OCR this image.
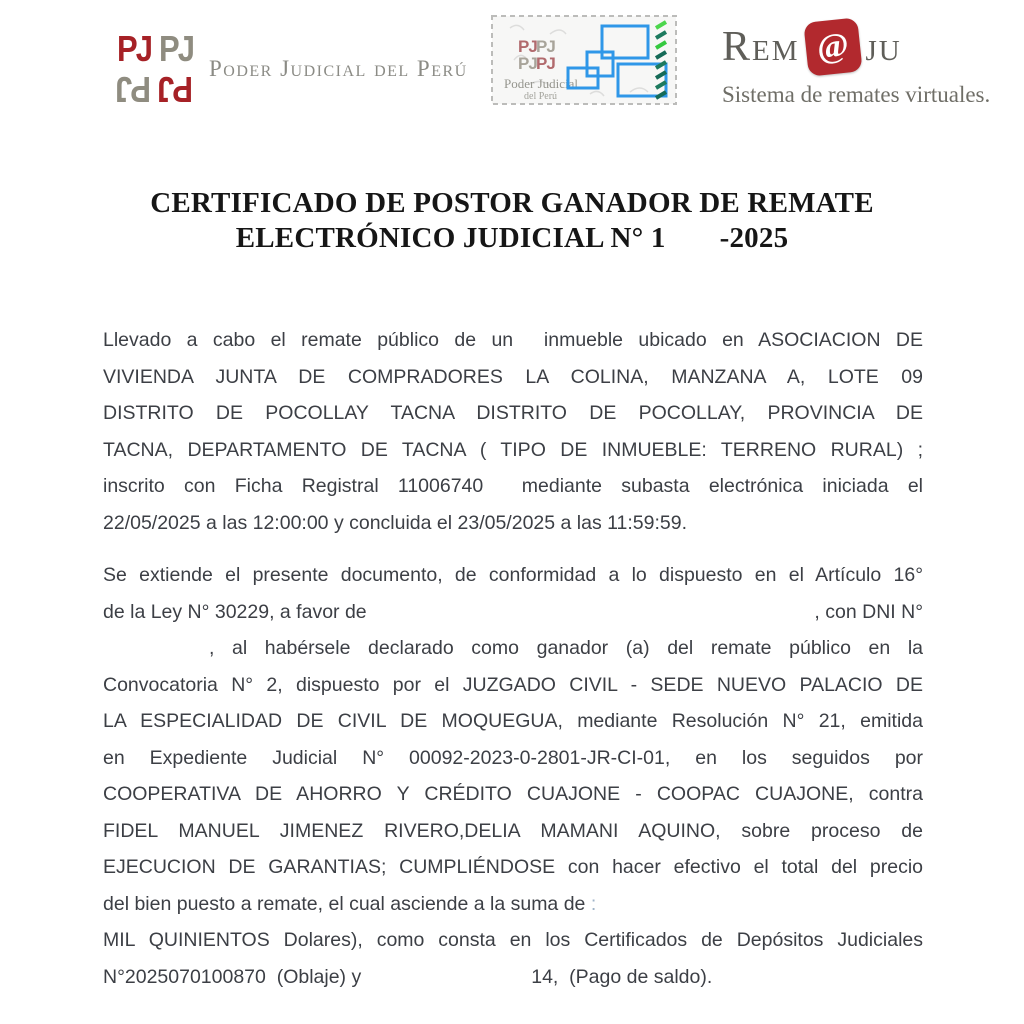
PJ PJ
PJ PJ
Poder Judicial del Perú
PJ PJ
PJ PJ
Poder Judicial
del Perú
Rem @ ju
Sistema de remates virtuales.
CERTIFICADO DE POSTOR GANADOR DE REMATE
ELECTRÓNICO JUDICIAL N° 1 -2025
Llevado a cabo el remate público de un  inmueble ubicado en ASOCIACION DE
VIVIENDA JUNTA DE COMPRADORES LA COLINA, MANZANA A, LOTE 09
DISTRITO DE POCOLLAY TACNA DISTRITO DE POCOLLAY, PROVINCIA DE
TACNA, DEPARTAMENTO DE TACNA ( TIPO DE INMUEBLE: TERRENO RURAL) ;
inscrito con Ficha Registral 11006740  mediante subasta electrónica iniciada el
22/05/2025 a las 12:00:00 y concluida el 23/05/2025 a las 11:59:59.
Se extiende el presente documento, de conformidad a lo dispuesto en el Artículo 16°
de la Ley N° 30229, a favor de	, con DNI N°
, al habérsele declarado como ganador (a) del remate público en la
Convocatoria N° 2, dispuesto por el JUZGADO CIVIL - SEDE NUEVO PALACIO DE
LA ESPECIALIDAD DE CIVIL DE MOQUEGUA, mediante Resolución N° 21, emitida
en Expediente Judicial N° 00092-2023-0-2801-JR-CI-01, en los seguidos por
COOPERATIVA DE AHORRO Y CRÉDITO CUAJONE - COOPAC CUAJONE, contra
FIDEL MANUEL JIMENEZ RIVERO,DELIA MAMANI AQUINO, sobre proceso de
EJECUCION DE GARANTIAS; CUMPLIÉNDOSE con hacer efectivo el total del precio
del bien puesto a remate, el cual asciende a la suma de :
MIL QUINIENTOS Dolares), como consta en los Certificados de Depósitos Judiciales
N°2025070100870  (Oblaje) y	14,  (Pago de saldo).
